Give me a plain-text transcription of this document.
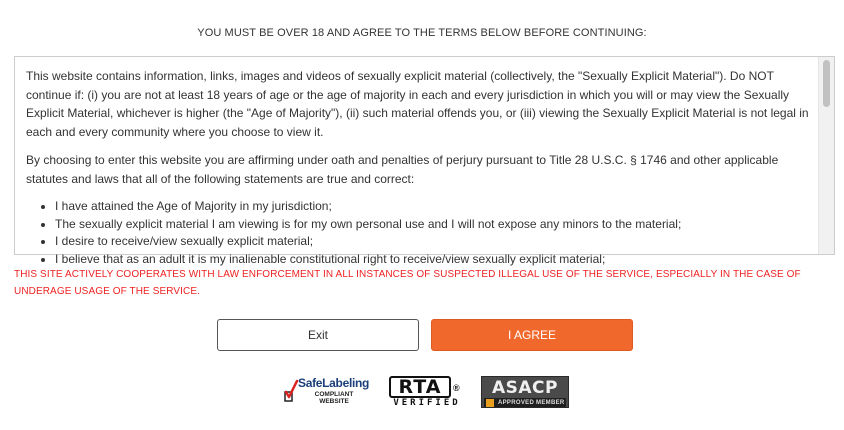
YOU MUST BE OVER 18 AND AGREE TO THE TERMS BELOW BEFORE CONTINUING:

This website contains information, links, images and videos of sexually explicit material (collectively, the "Sexually Explicit Material"). Do NOT continue if: (i) you are not at least 18 years of age or the age of majority in each and every jurisdiction in which you will or may view the Sexually Explicit Material, whichever is higher (the "Age of Majority"), (ii) such material offends you, or (iii) viewing the Sexually Explicit Material is not legal in each and every community where you choose to view it.

By choosing to enter this website you are affirming under oath and penalties of perjury pursuant to Title 28 U.S.C. § 1746 and other applicable statutes and laws that all of the following statements are true and correct:

I have attained the Age of Majority in my jurisdiction;
The sexually explicit material I am viewing is for my own personal use and I will not expose any minors to the material;
I desire to receive/view sexually explicit material;
I believe that as an adult it is my inalienable constitutional right to receive/view sexually explicit material;
THIS SITE ACTIVELY COOPERATES WITH LAW ENFORCEMENT IN ALL INSTANCES OF SUSPECTED ILLEGAL USE OF THE SERVICE, ESPECIALLY IN THE CASE OF UNDERAGE USAGE OF THE SERVICE.
Exit	I AGREE
SafeLabeling
COMPLIANT
WEBSITE
RTA	®
VERIFIED
ASACP
APPROVED MEMBER
